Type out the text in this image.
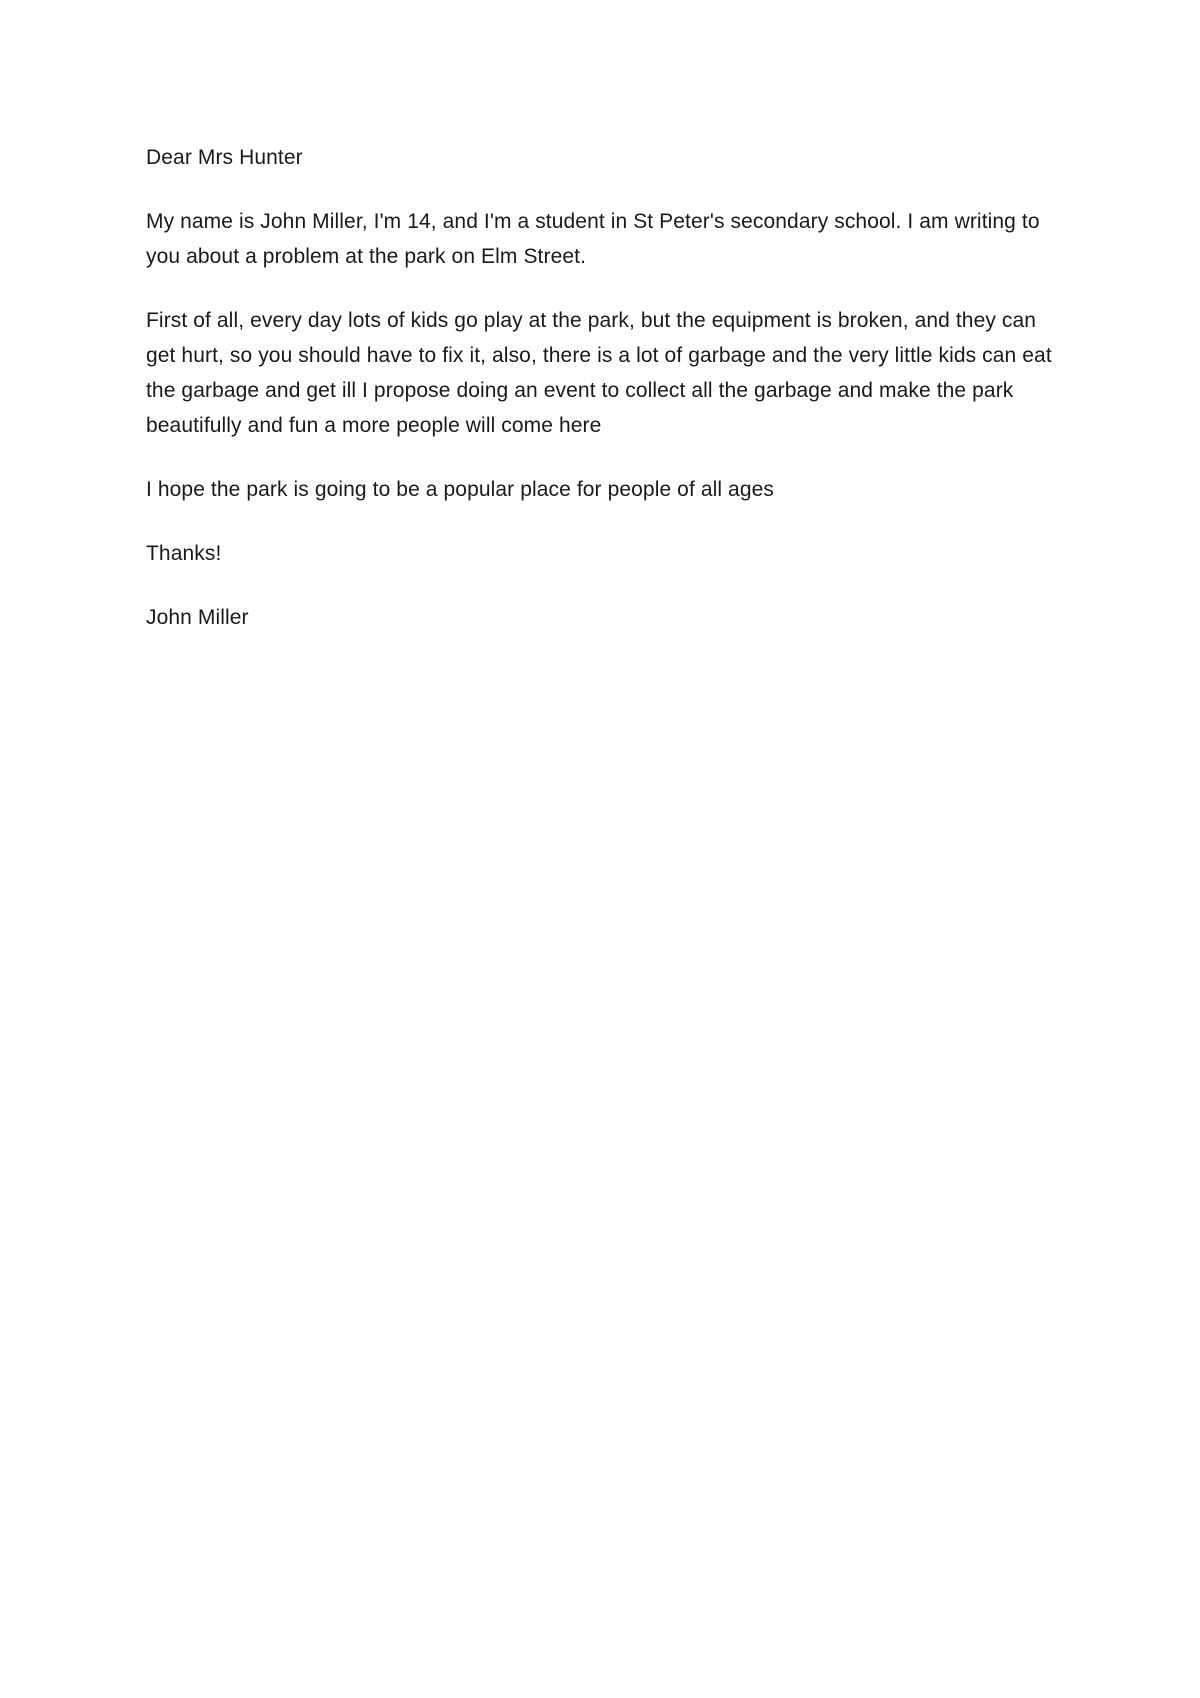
Dear Mrs Hunter

My name is John Miller, I'm 14, and I'm a student in St Peter's secondary school. I am writing to you about a problem at the park on Elm Street.

First of all, every day lots of kids go play at the park, but the equipment is broken, and they can get hurt, so you should have to fix it, also, there is a lot of garbage and the very little kids can eat the garbage and get ill I propose doing an event to collect all the garbage and make the park beautifully and fun a more people will come here

I hope the park is going to be a popular place for people of all ages

Thanks!

John Miller
